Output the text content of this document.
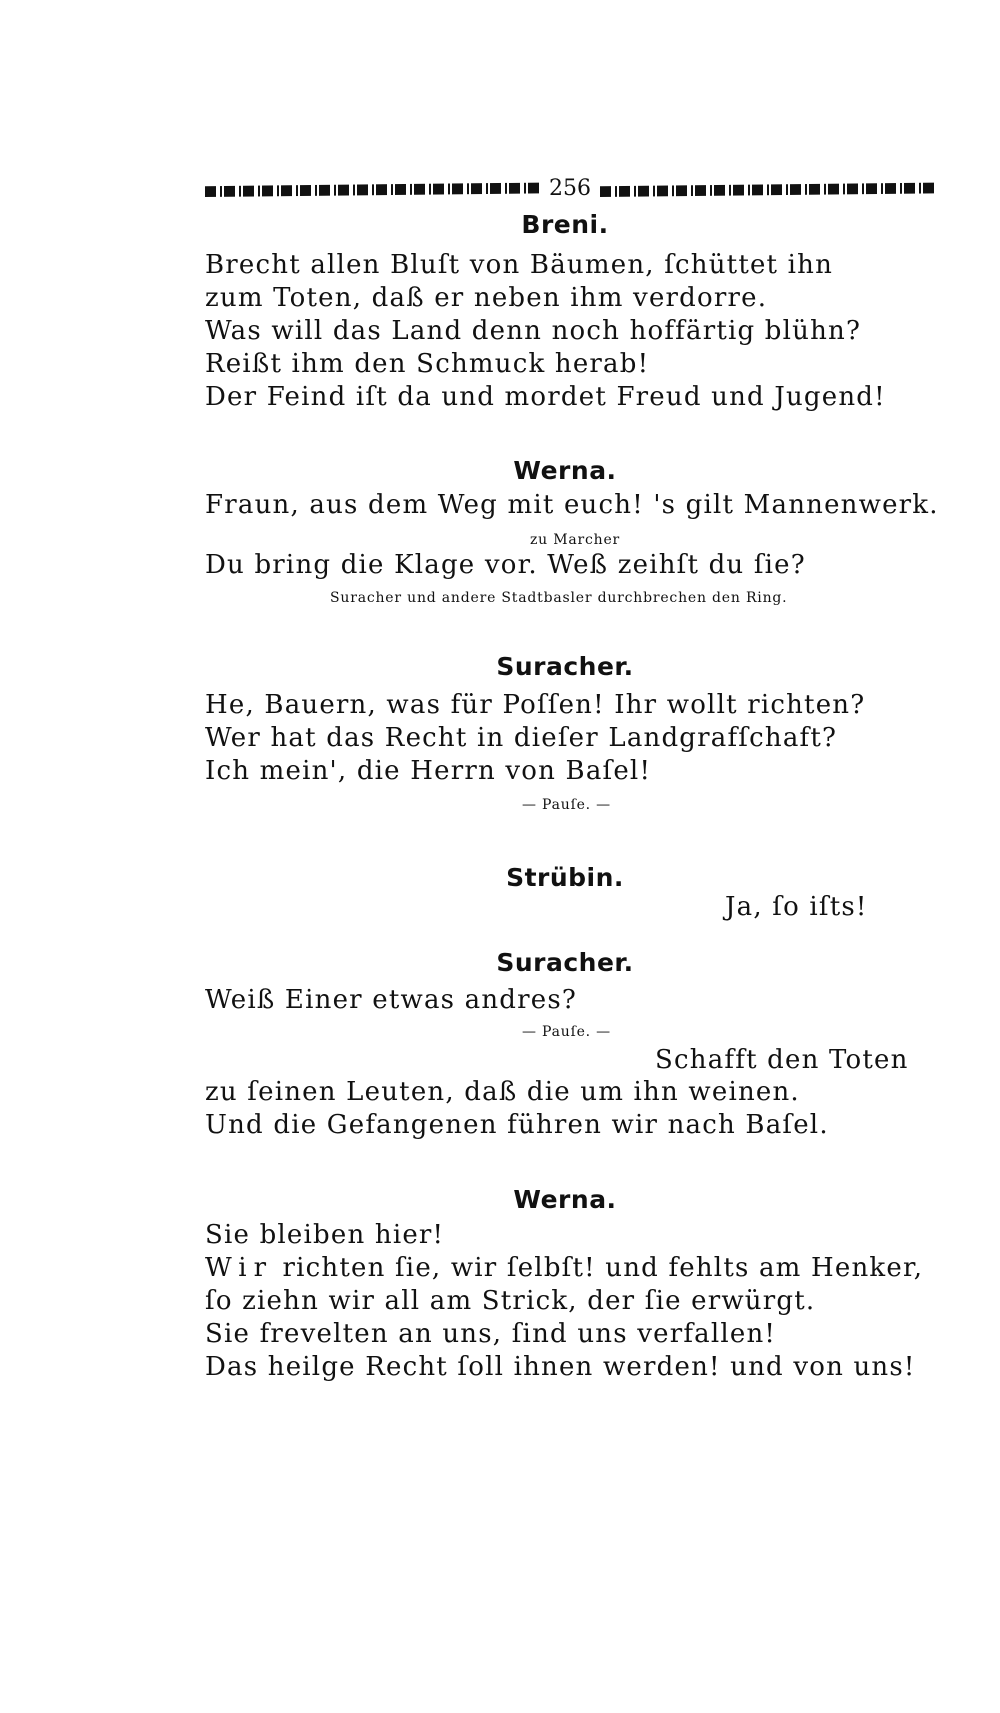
256
Breni.
Brecht allen Bluſt von Bäumen, ſchüttet ihn
zum Toten, daß er neben ihm verdorre.
Was will das Land denn noch hoffärtig blühn?
Reißt ihm den Schmuck herab!
Der Feind iſt da und mordet Freud und Jugend!
Werna.
Fraun, aus dem Weg mit euch! 's gilt Mannenwerk.
zu Marcher
Du bring die Klage vor. Weß zeihſt du ſie?
Suracher und andere Stadtbasler durchbrechen den Ring.
Suracher.
He, Bauern, was für Poſſen! Ihr wollt richten?
Wer hat das Recht in dieſer Landgrafſchaft?
Ich mein', die Herrn von Baſel!
— Pauſe. —
Strübin.
Ja, ſo iſts!
Suracher.
Weiß Einer etwas andres?
— Pauſe. —
Schafft den Toten
zu ſeinen Leuten, daß die um ihn weinen.
Und die Gefangenen führen wir nach Baſel.
Werna.
Sie bleiben hier!
Wir richten ſie, wir ſelbſt! und fehlts am Henker,
ſo ziehn wir all am Strick, der ſie erwürgt.
Sie frevelten an uns, ſind uns verfallen!
Das heilge Recht ſoll ihnen werden! und von uns!
